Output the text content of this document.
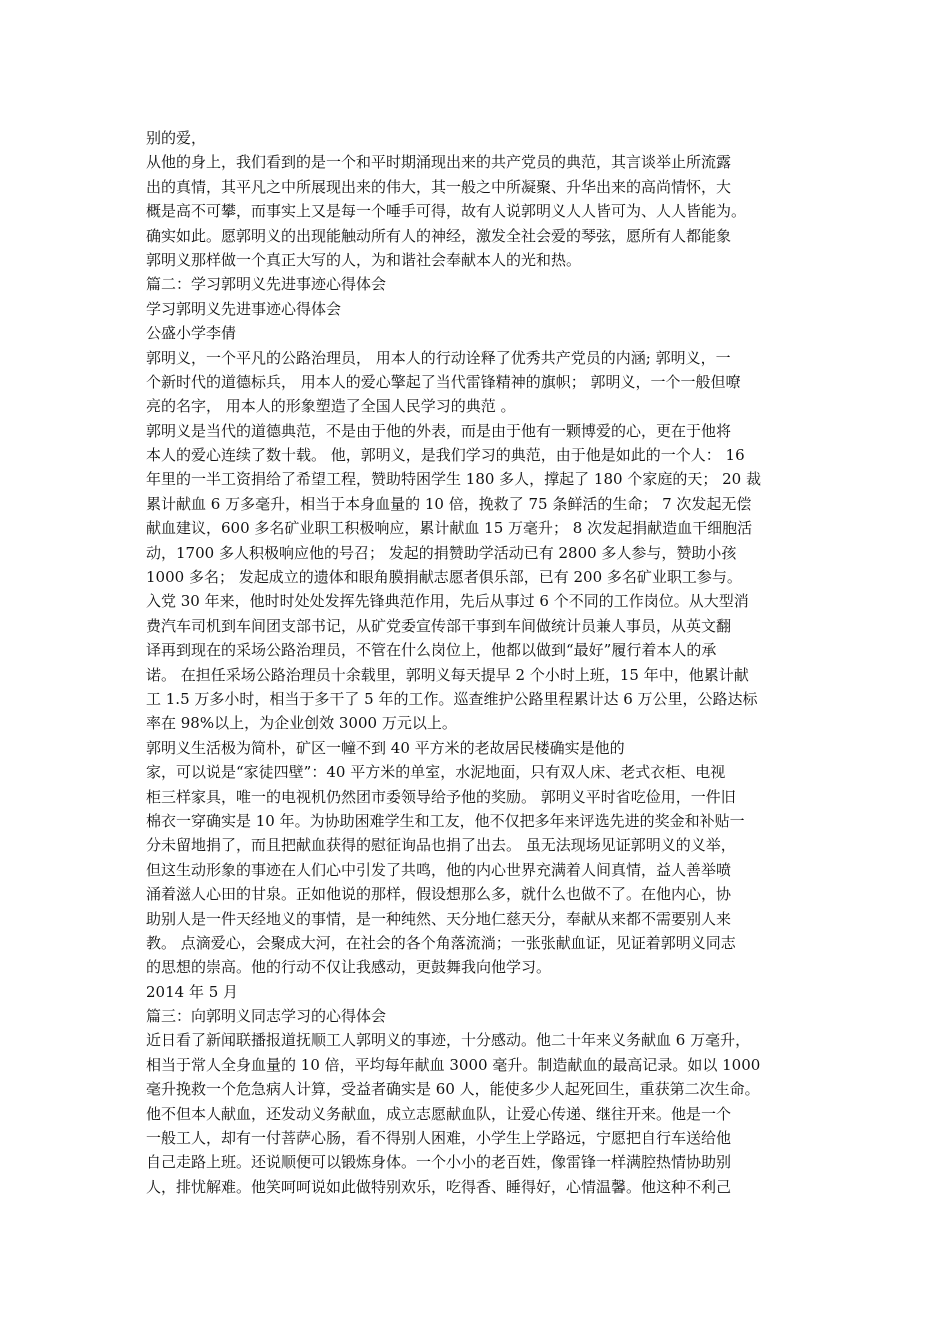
别的爱，
从他的身上，我们看到的是一个和平时期涌现出来的共产党员的典范，其言谈举止所流露
出的真情，其平凡之中所展现出来的伟大，其一般之中所凝聚、升华出来的高尚情怀，大
概是高不可攀，而事实上又是每一个唾手可得，故有人说郭明义人人皆可为、人人皆能为。
确实如此。愿郭明义的出现能触动所有人的神经，激发全社会爱的琴弦，愿所有人都能象
郭明义那样做一个真正大写的人，为和谐社会奉献本人的光和热。
篇二：学习郭明义先进事迹心得体会
学习郭明义先进事迹心得体会
公盛小学李倩
郭明义，一个平凡的公路治理员， 用本人的行动诠释了优秀共产党员的内涵; 郭明义，一
个新时代的道德标兵， 用本人的爱心擎起了当代雷锋精神的旗帜； 郭明义，一个一般但嘹
亮的名字， 用本人的形象塑造了全国人民学习的典范 。
郭明义是当代的道德典范，不是由于他的外表，而是由于他有一颗博爱的心，更在于他将
本人的爱心连续了数十载。 他，郭明义，是我们学习的典范，由于他是如此的一个人： 16
年里的一半工资捐给了希望工程，赞助特困学生 180 多人，撑起了 180 个家庭的天； 20 裁
累计献血 6 万多毫升，相当于本身血量的 10 倍，挽救了 75 条鲜活的生命； 7 次发起无偿
献血建议，600 多名矿业职工积极响应，累计献血 15 万毫升； 8 次发起捐献造血干细胞活
动，1700 多人积极响应他的号召； 发起的捐赞助学活动已有 2800 多人参与，赞助小孩
1000 多名； 发起成立的遗体和眼角膜捐献志愿者俱乐部，已有 200 多名矿业职工参与。
入党 30 年来，他时时处处发挥先锋典范作用，先后从事过 6 个不同的工作岗位。从大型消
费汽车司机到车间团支部书记，从矿党委宣传部干事到车间做统计员兼人事员，从英文翻
译再到现在的采场公路治理员，不管在什么岗位上，他都以做到“最好”履行着本人的承
诺。 在担任采场公路治理员十余载里，郭明义每天提早 2 个小时上班，15 年中，他累计献
工 1.5 万多小时，相当于多干了 5 年的工作。巡查维护公路里程累计达 6 万公里，公路达标
率在 98%以上，为企业创效 3000 万元以上。
郭明义生活极为简朴，矿区一幢不到 40 平方米的老故居民楼确实是他的
家，可以说是“家徒四壁”：40 平方米的单室，水泥地面，只有双人床、老式衣柜、电视
柜三样家具，唯一的电视机仍然团市委领导给予他的奖励。 郭明义平时省吃俭用，一件旧
棉衣一穿确实是 10 年。为协助困难学生和工友，他不仅把多年来评选先进的奖金和补贴一
分未留地捐了，而且把献血获得的慰征询品也捐了出去。 虽无法现场见证郭明义的义举，
但这生动形象的事迹在人们心中引发了共鸣，他的内心世界充满着人间真情，益人善举喷
涌着滋人心田的甘泉。正如他说的那样，假设想那么多，就什么也做不了。在他内心，协
助别人是一件天经地义的事情，是一种纯然、天分地仁慈天分，奉献从来都不需要别人来
教。 点滴爱心，会聚成大河，在社会的各个角落流淌；一张张献血证，见证着郭明义同志
的思想的崇高。他的行动不仅让我感动，更鼓舞我向他学习。
2014 年 5 月
篇三：向郭明义同志学习的心得体会
近日看了新闻联播报道抚顺工人郭明义的事迹，十分感动。他二十年来义务献血 6 万毫升，
相当于常人全身血量的 10 倍，平均每年献血 3000 毫升。制造献血的最高记录。如以 1000
毫升挽救一个危急病人计算，受益者确实是 60 人，能使多少人起死回生，重获第二次生命。
他不但本人献血，还发动义务献血，成立志愿献血队，让爱心传递、继往开来。他是一个
一般工人，却有一付菩萨心肠，看不得别人困难，小学生上学路远，宁愿把自行车送给他
自己走路上班。还说顺便可以锻炼身体。一个小小的老百姓，像雷锋一样满腔热情协助别
人，排忧解难。他笑呵呵说如此做特别欢乐，吃得香、睡得好，心情温馨。他这种不利己
